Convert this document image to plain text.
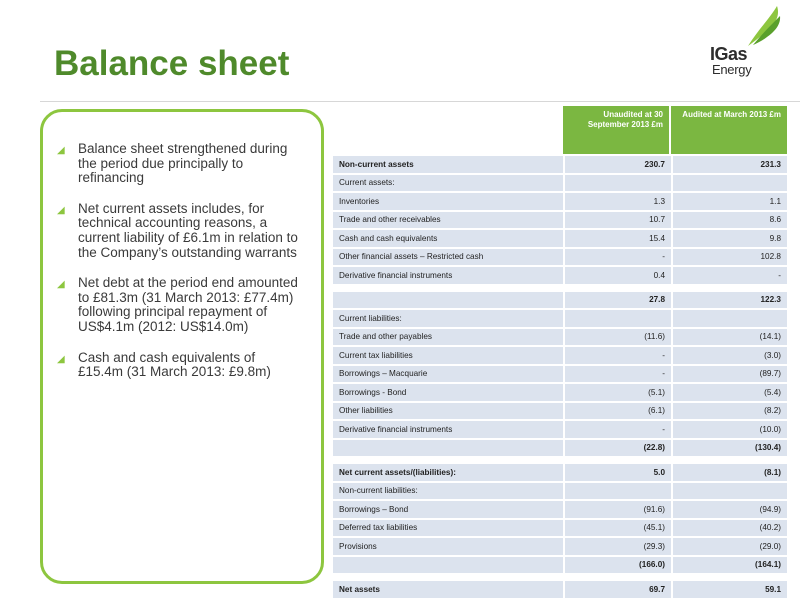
Balance sheet	IGas
Energy
◢ Balance sheet strengthened during the period due principally to refinancing
◢ Net current assets includes, for technical accounting reasons, a current liability of £6.1m in relation to the Company’s outstanding warrants
◢ Net debt at the period end amounted to £81.3m (31 March 2013: £77.4m) following principal repayment of US$4.1m (2012: US$14.0m)
◢ Cash and cash equivalents of £15.4m (31 March 2013: £9.8m)
	Unaudited at 30 September 2013 £m	Audited at March 2013 £m
Non-current assets	230.7	231.3
Current assets:		
Inventories	1.3	1.1
Trade and other receivables	10.7	8.6
Cash and cash equivalents	15.4	9.8
Other financial assets – Restricted cash	-	102.8
Derivative financial instruments	0.4	-

	27.8	122.3
Current liabilities:		
Trade and other payables	(11.6)	(14.1)
Current tax liabilities	-	(3.0)
Borrowings – Macquarie	-	(89.7)
Borrowings - Bond	(5.1)	(5.4)
Other liabilities	(6.1)	(8.2)
Derivative financial instruments	-	(10.0)
	(22.8)	(130.4)

Net current assets/(liabilities):	5.0	(8.1)
Non-current liabilities:		
Borrowings – Bond	(91.6)	(94.9)
Deferred tax liabilities	(45.1)	(40.2)
Provisions	(29.3)	(29.0)
	(166.0)	(164.1)

Net assets	69.7	59.1
